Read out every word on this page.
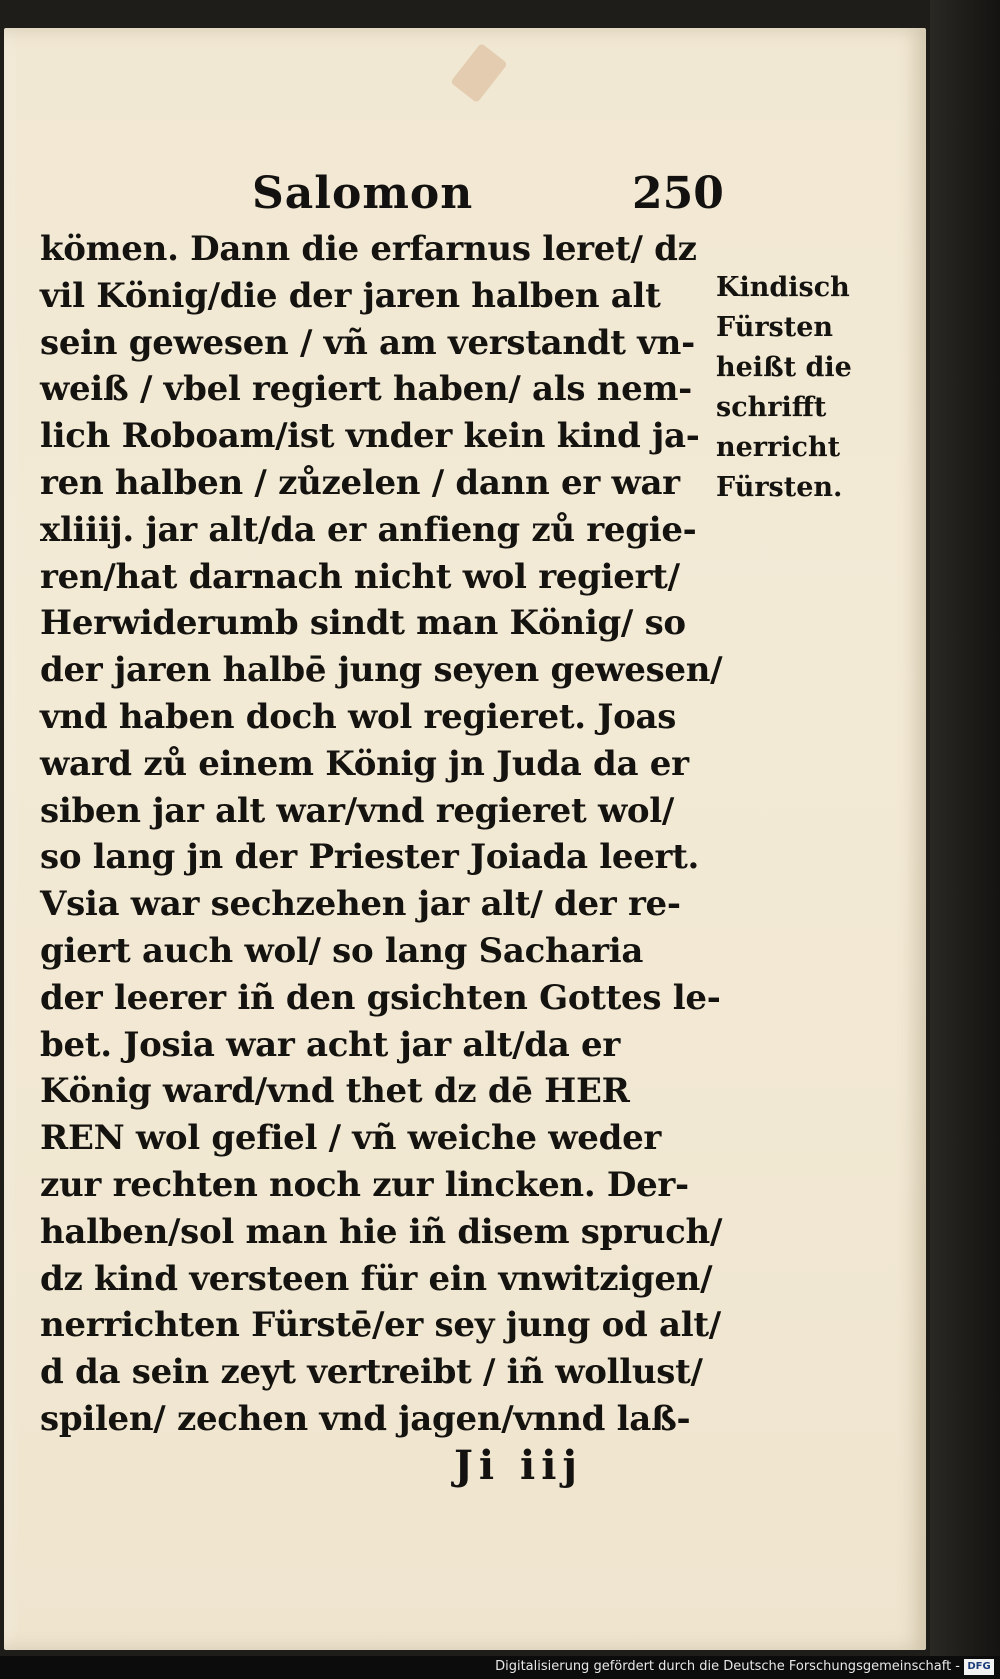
Salomon	250
kömen. Dann die erfarnus leret/ dz
vil König/die der jaren halben alt
sein gewesen / vñ am verstandt vn-
weiß / vbel regiert haben/ als nem-
lich Roboam/ist vnder kein kind ja-
ren halben / zůzelen / dann er war
xliiij. jar alt/da er anfieng zů regie-
ren/hat darnach nicht wol regiert/
Herwiderumb sindt man König/ so
der jaren halbē jung seyen gewesen/
vnd haben doch wol regieret. Joas
ward zů einem König jn Juda da er
siben jar alt war/vnd regieret wol/
so lang jn der Priester Joiada leert.
Vsia war sechzehen jar alt/ der re-
giert auch wol/ so lang Sacharia
der leerer iñ den gsichten Gottes le-
bet. Josia war acht jar alt/da er
König ward/vnd thet dz dē HER
REN wol gefiel / vñ weiche weder
zur rechten noch zur lincken. Der-
halben/sol man hie iñ disem spruch/
dz kind versteen für ein vnwitzigen/
nerrichten Fürstē/er sey jung od alt/
d da sein zeyt vertreibt / iñ wollust/
spilen/ zechen vnd jagen/vnnd laß-
Kindisch
Fürsten
heißt die
schrifft
nerricht
Fürsten.
Ji iij
Digitalisierung gefördert durch die Deutsche Forschungsgemeinschaft - DFG
